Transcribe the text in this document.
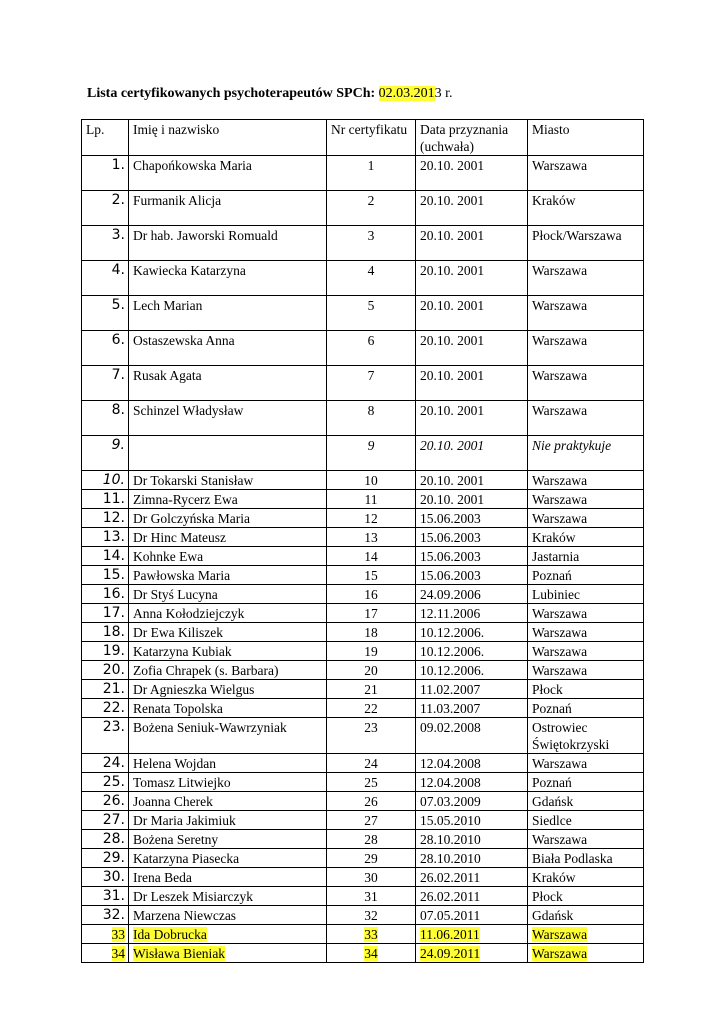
Lista certyfikowanych psychoterapeutów SPCh: 02.03.2013 r.
Lp.	Imię i nazwisko	Nr certyfikatu	Data przyznania (uchwała)	Miasto
1.	Chapońkowska Maria	1	20.10. 2001	Warszawa
2.	Furmanik Alicja	2	20.10. 2001	Kraków
3.	Dr hab. Jaworski Romuald	3	20.10. 2001	Płock/Warszawa
4.	Kawiecka Katarzyna	4	20.10. 2001	Warszawa
5.	Lech Marian	5	20.10. 2001	Warszawa
6.	Ostaszewska Anna	6	20.10. 2001	Warszawa
7.	Rusak Agata	7	20.10. 2001	Warszawa
8.	Schinzel Władysław	8	20.10. 2001	Warszawa
9.		9	20.10. 2001	Nie praktykuje
10.	Dr Tokarski Stanisław	10	20.10. 2001	Warszawa
11.	Zimna-Rycerz Ewa	11	20.10. 2001	Warszawa
12.	Dr Golczyńska Maria	12	15.06.2003	Warszawa
13.	Dr Hinc Mateusz	13	15.06.2003	Kraków
14.	Kohnke Ewa	14	15.06.2003	Jastarnia
15.	Pawłowska Maria	15	15.06.2003	Poznań
16.	Dr Styś Lucyna	16	24.09.2006	Lubiniec
17.	Anna Kołodziejczyk	17	12.11.2006	Warszawa
18.	Dr Ewa Kiliszek	18	10.12.2006.	Warszawa
19.	Katarzyna Kubiak	19	10.12.2006.	Warszawa
20.	Zofia Chrapek (s. Barbara)	20	10.12.2006.	Warszawa
21.	Dr Agnieszka Wielgus	21	11.02.2007	Płock
22.	Renata Topolska	22	11.03.2007	Poznań
23.	Bożena Seniuk-Wawrzyniak	23	09.02.2008	Ostrowiec Świętokrzyski
24.	Helena Wojdan	24	12.04.2008	Warszawa
25.	Tomasz Litwiejko	25	12.04.2008	Poznań
26.	Joanna Cherek	26	07.03.2009	Gdańsk
27.	Dr Maria Jakimiuk	27	15.05.2010	Siedlce
28.	Bożena Seretny	28	28.10.2010	Warszawa
29.	Katarzyna Piasecka	29	28.10.2010	Biała Podlaska
30.	Irena Beda	30	26.02.2011	Kraków
31.	Dr Leszek Misiarczyk	31	26.02.2011	Płock
32.	Marzena Niewczas	32	07.05.2011	Gdańsk
33	Ida Dobrucka	33	11.06.2011	Warszawa
34	Wisława Bieniak	34	24.09.2011	Warszawa
